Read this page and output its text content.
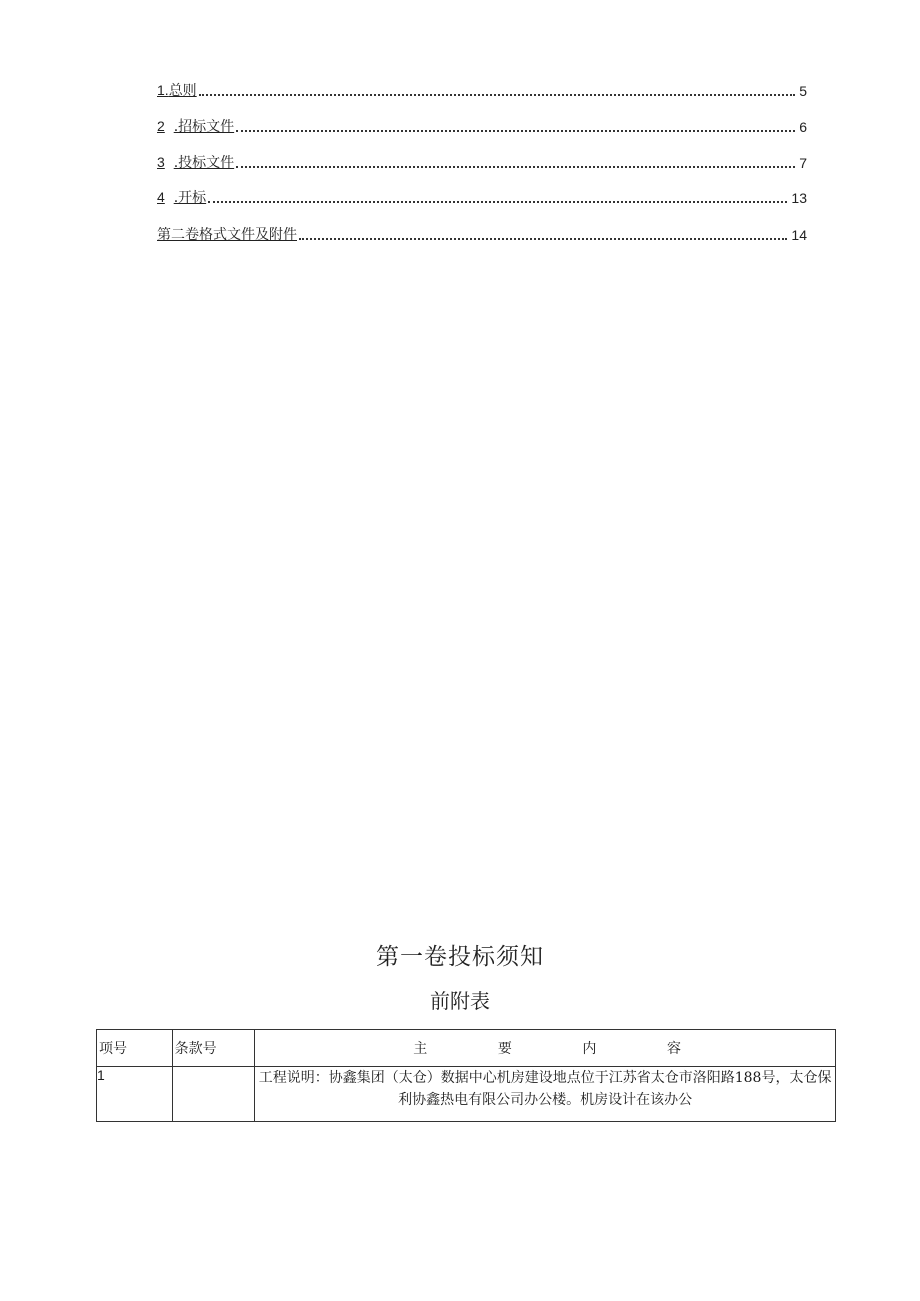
1.总则	5
2 .招标文件	6
3 .投标文件	7
4 .开标	13
第二卷格式文件及附件	14
第一卷投标须知
前附表
项号	条款号	主 要 内 容

1		工程说明：协鑫集团（太仓）数据中心机房建设地点位于江苏省太仓市洛阳路188号，太仓保利协鑫热电有限公司办公楼。机房设计在该办公
